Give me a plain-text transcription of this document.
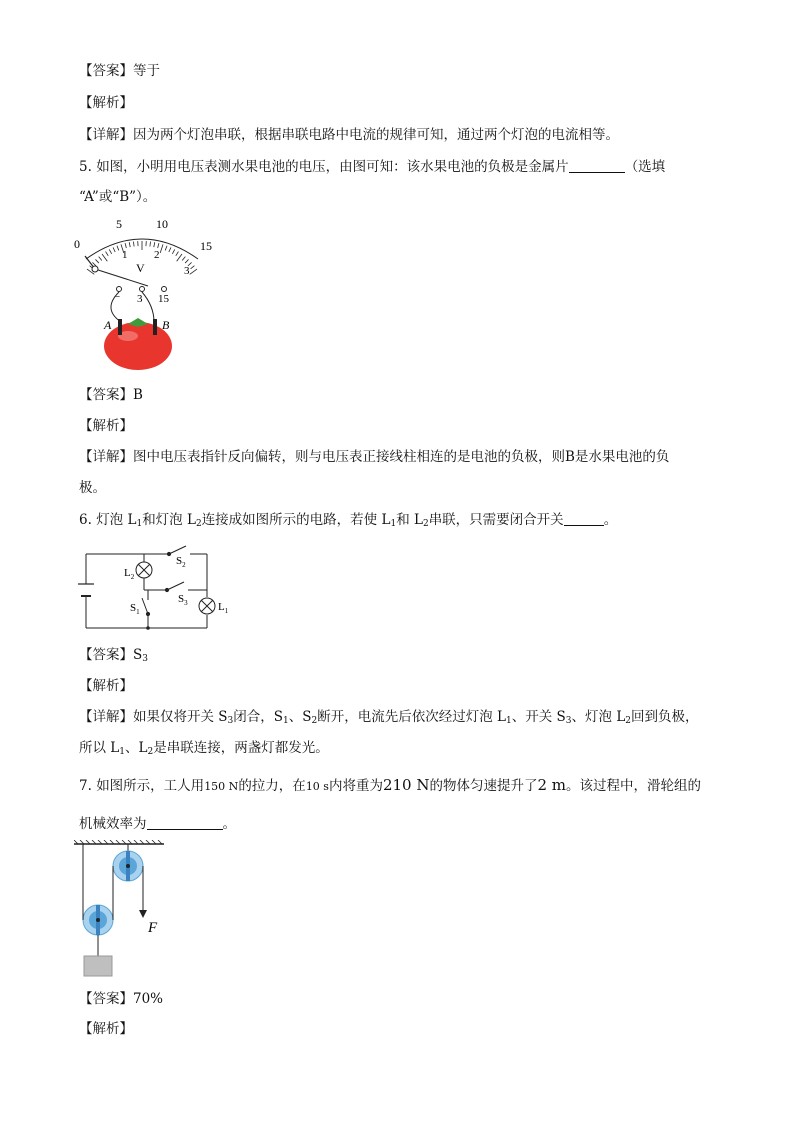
【答案】等于
【解析】
【详解】因为两个灯泡串联，根据串联电路中电流的规律可知，通过两个灯泡的电流相等。
5. 如图，小明用电压表测水果电池的电压，由图可知：该水果电池的负极是金属片	（选填
“A”或“B”）。
0
5	10
15
1 2
3
V
− 3 15
A	B
【答案】B
【解析】
【详解】图中电压表指针反向偏转，则与电压表正接线柱相连的是电池的负极，则B是水果电池的负
极。
6. 灯泡 $L_1$和灯泡 $L_2$连接成如图所示的电路，若使 $L_1$和 $L_2$串联，只需要闭合开关	。
$L_2$
$S_2$
$S_3$
$S_1$	$L_1$
【答案】$S_3$
【解析】
【详解】如果仅将开关 $S_3$闭合，$S_1$、$S_2$断开，电流先后依次经过灯泡 $L_1$、开关 $S_3$、灯泡 $L_2$回到负极，
所以 $L_1$、$L_2$是串联连接，两盏灯都发光。
7. 如图所示，工人用150 N的拉力，在10 s内将重为210 N的物体匀速提升了2 m。该过程中，滑轮组的
机械效率为	。
F
【答案】70%
【解析】
